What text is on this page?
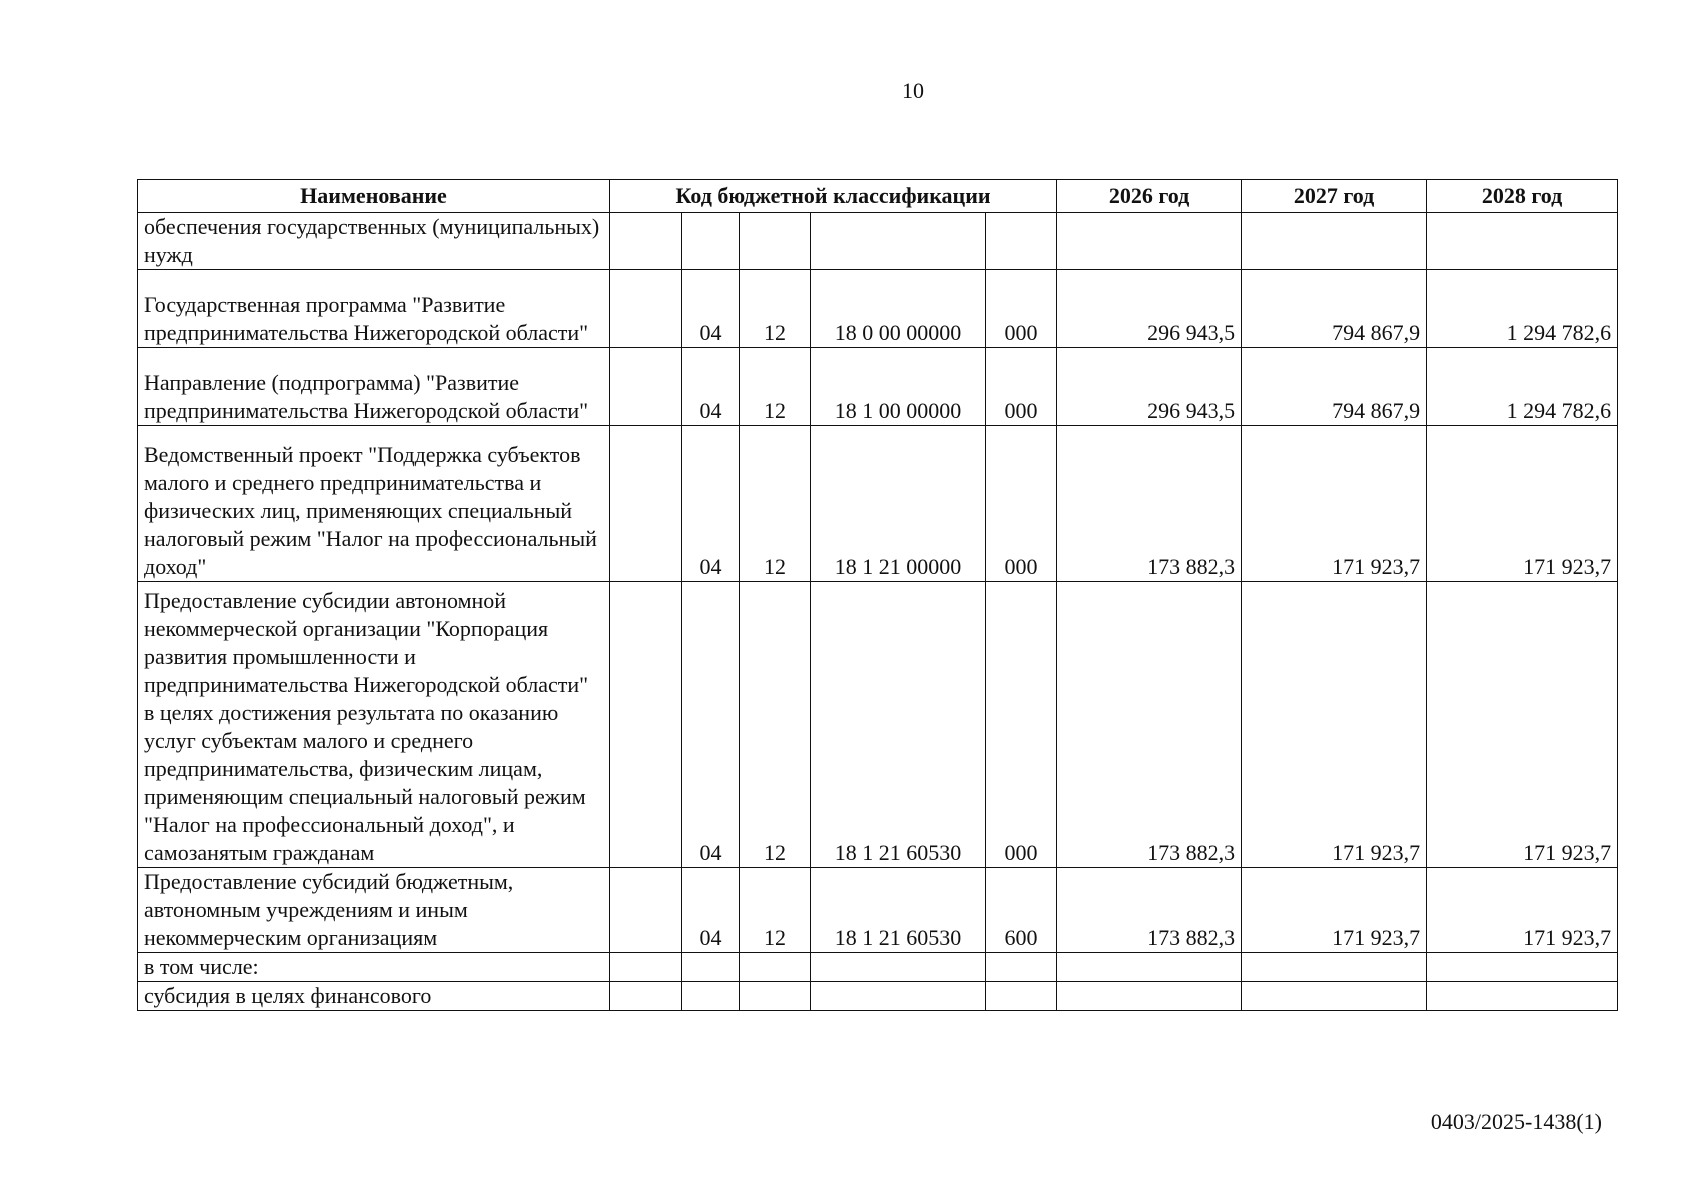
10
Наименование	Код бюджетной классификации					2026 год	2027 год	2028 год
обеспечения государственных (муниципальных) нужд								
Государственная программа "Развитие предпринимательства Нижегородской области"		04	12	18 0 00 00000	000	296 943,5	794 867,9	1 294 782,6
Направление (подпрограмма) "Развитие предпринимательства Нижегородской области"		04	12	18 1 00 00000	000	296 943,5	794 867,9	1 294 782,6
Ведомственный проект "Поддержка субъектов малого и среднего предпринимательства и физических лиц, применяющих специальный налоговый режим "Налог на профессиональный доход"		04	12	18 1 21 00000	000	173 882,3	171 923,7	171 923,7
Предоставление субсидии автономной некоммерческой организации "Корпорация развития промышленности и предпринимательства Нижегородской области" в целях достижения результата по оказанию услуг субъектам малого и среднего предпринимательства, физическим лицам, применяющим специальный налоговый режим "Налог на профессиональный доход", и самозанятым гражданам		04	12	18 1 21 60530	000	173 882,3	171 923,7	171 923,7
Предоставление субсидий бюджетным, автономным учреждениям и иным некоммерческим организациям		04	12	18 1 21 60530	600	173 882,3	171 923,7	171 923,7
в том числе:								
субсидия в целях финансового								
0403/2025-1438(1)
